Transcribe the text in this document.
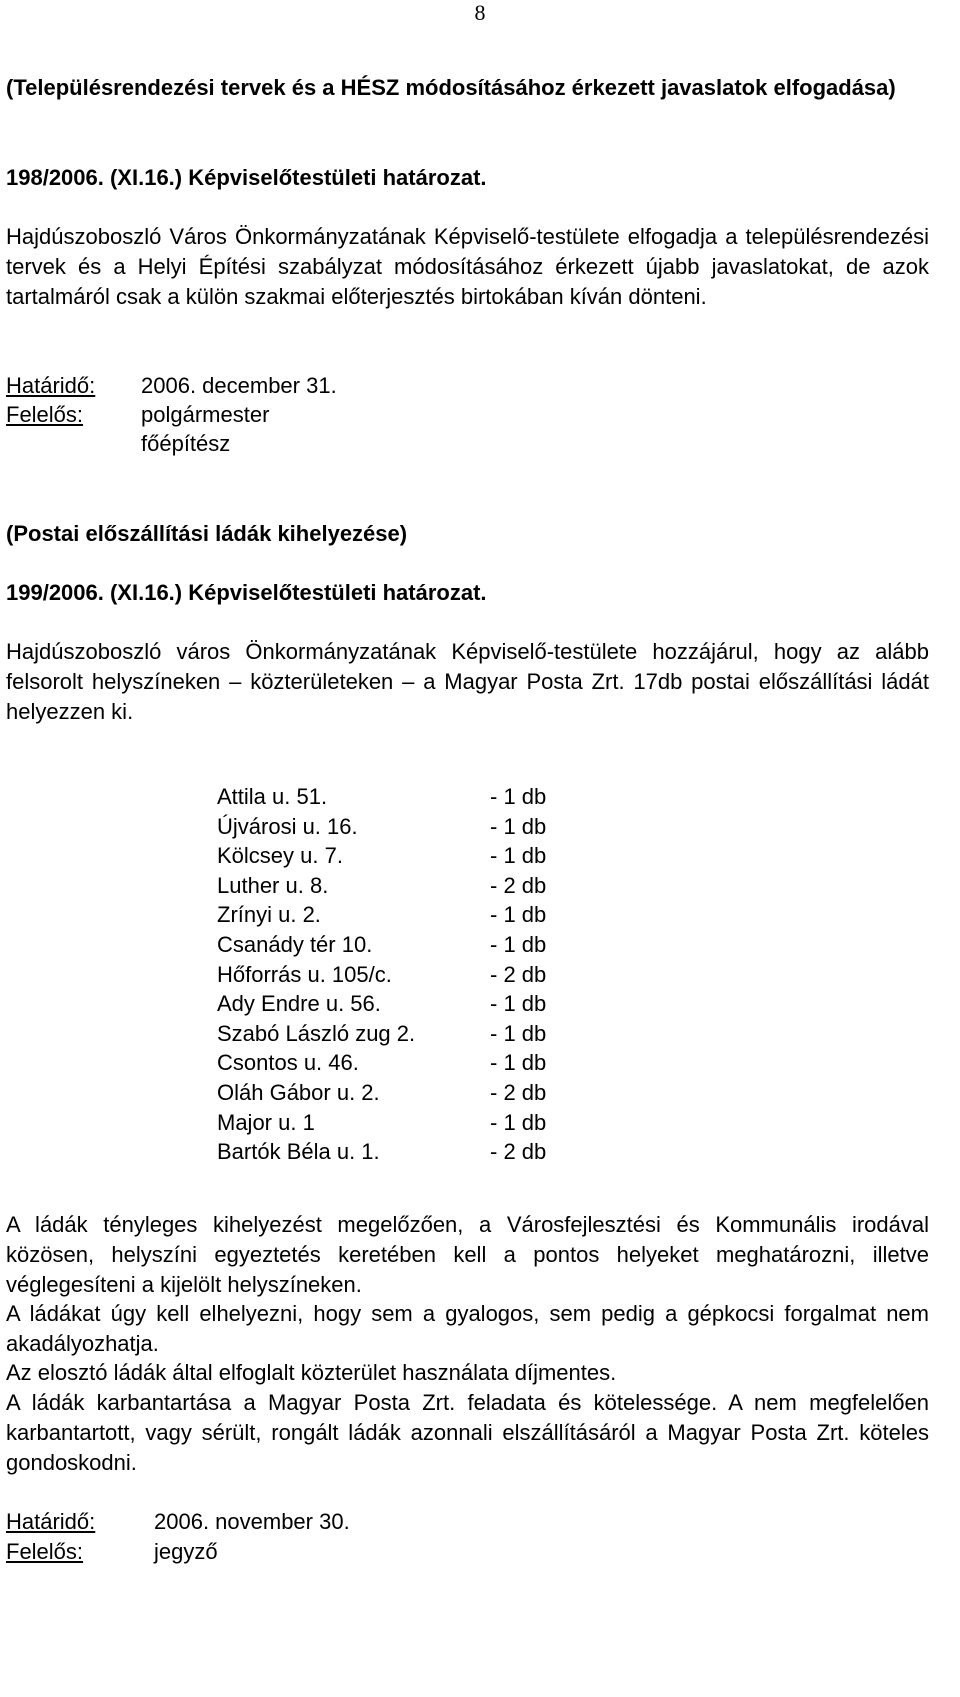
8
(Településrendezési tervek és a HÉSZ módosításához érkezett javaslatok elfogadása)
198/2006. (XI.16.) Képviselőtestületi határozat.
Hajdúszoboszló Város Önkormányzatának Képviselő-testülete elfogadja a településrendezési tervek és a Helyi Építési szabályzat módosításához érkezett újabb javaslatokat, de azok tartalmáról csak a külön szakmai előterjesztés birtokában kíván dönteni.
Határidő: 2006. december 31.
Felelős:	polgármester
főépítész
(Postai előszállítási ládák kihelyezése)
199/2006. (XI.16.) Képviselőtestületi határozat.
Hajdúszoboszló város Önkormányzatának Képviselő-testülete hozzájárul, hogy az alább felsorolt helyszíneken – közterületeken – a Magyar Posta Zrt. 17db postai előszállítási ládát helyezzen ki.
Attila u. 51.	- 1 db
Újvárosi u. 16.	- 1 db
Kölcsey u. 7.	- 1 db
Luther u. 8.	- 2 db
Zrínyi u. 2.	- 1 db
Csanády tér 10.	- 1 db
Hőforrás u. 105/c.	- 2 db
Ady Endre u. 56.	- 1 db
Szabó László zug 2.	- 1 db
Csontos u. 46.	- 1 db
Oláh Gábor u. 2.	- 2 db
Major u. 1	- 1 db
Bartók Béla u. 1.	- 2 db
A ládák tényleges kihelyezést megelőzően, a Városfejlesztési és Kommunális irodával közösen, helyszíni egyeztetés keretében kell a pontos helyeket meghatározni, illetve véglegesíteni a kijelölt helyszíneken.
A ládákat úgy kell elhelyezni, hogy sem a gyalogos, sem pedig a gépkocsi forgalmat nem akadályozhatja.
Az elosztó ládák által elfoglalt közterület használata díjmentes.
A ládák karbantartása a Magyar Posta Zrt. feladata és kötelessége. A nem megfelelően karbantartott, vagy sérült, rongált ládák azonnali elszállításáról a Magyar Posta Zrt. köteles gondoskodni.
Határidő:	2006. november 30.
Felelős:	jegyző
